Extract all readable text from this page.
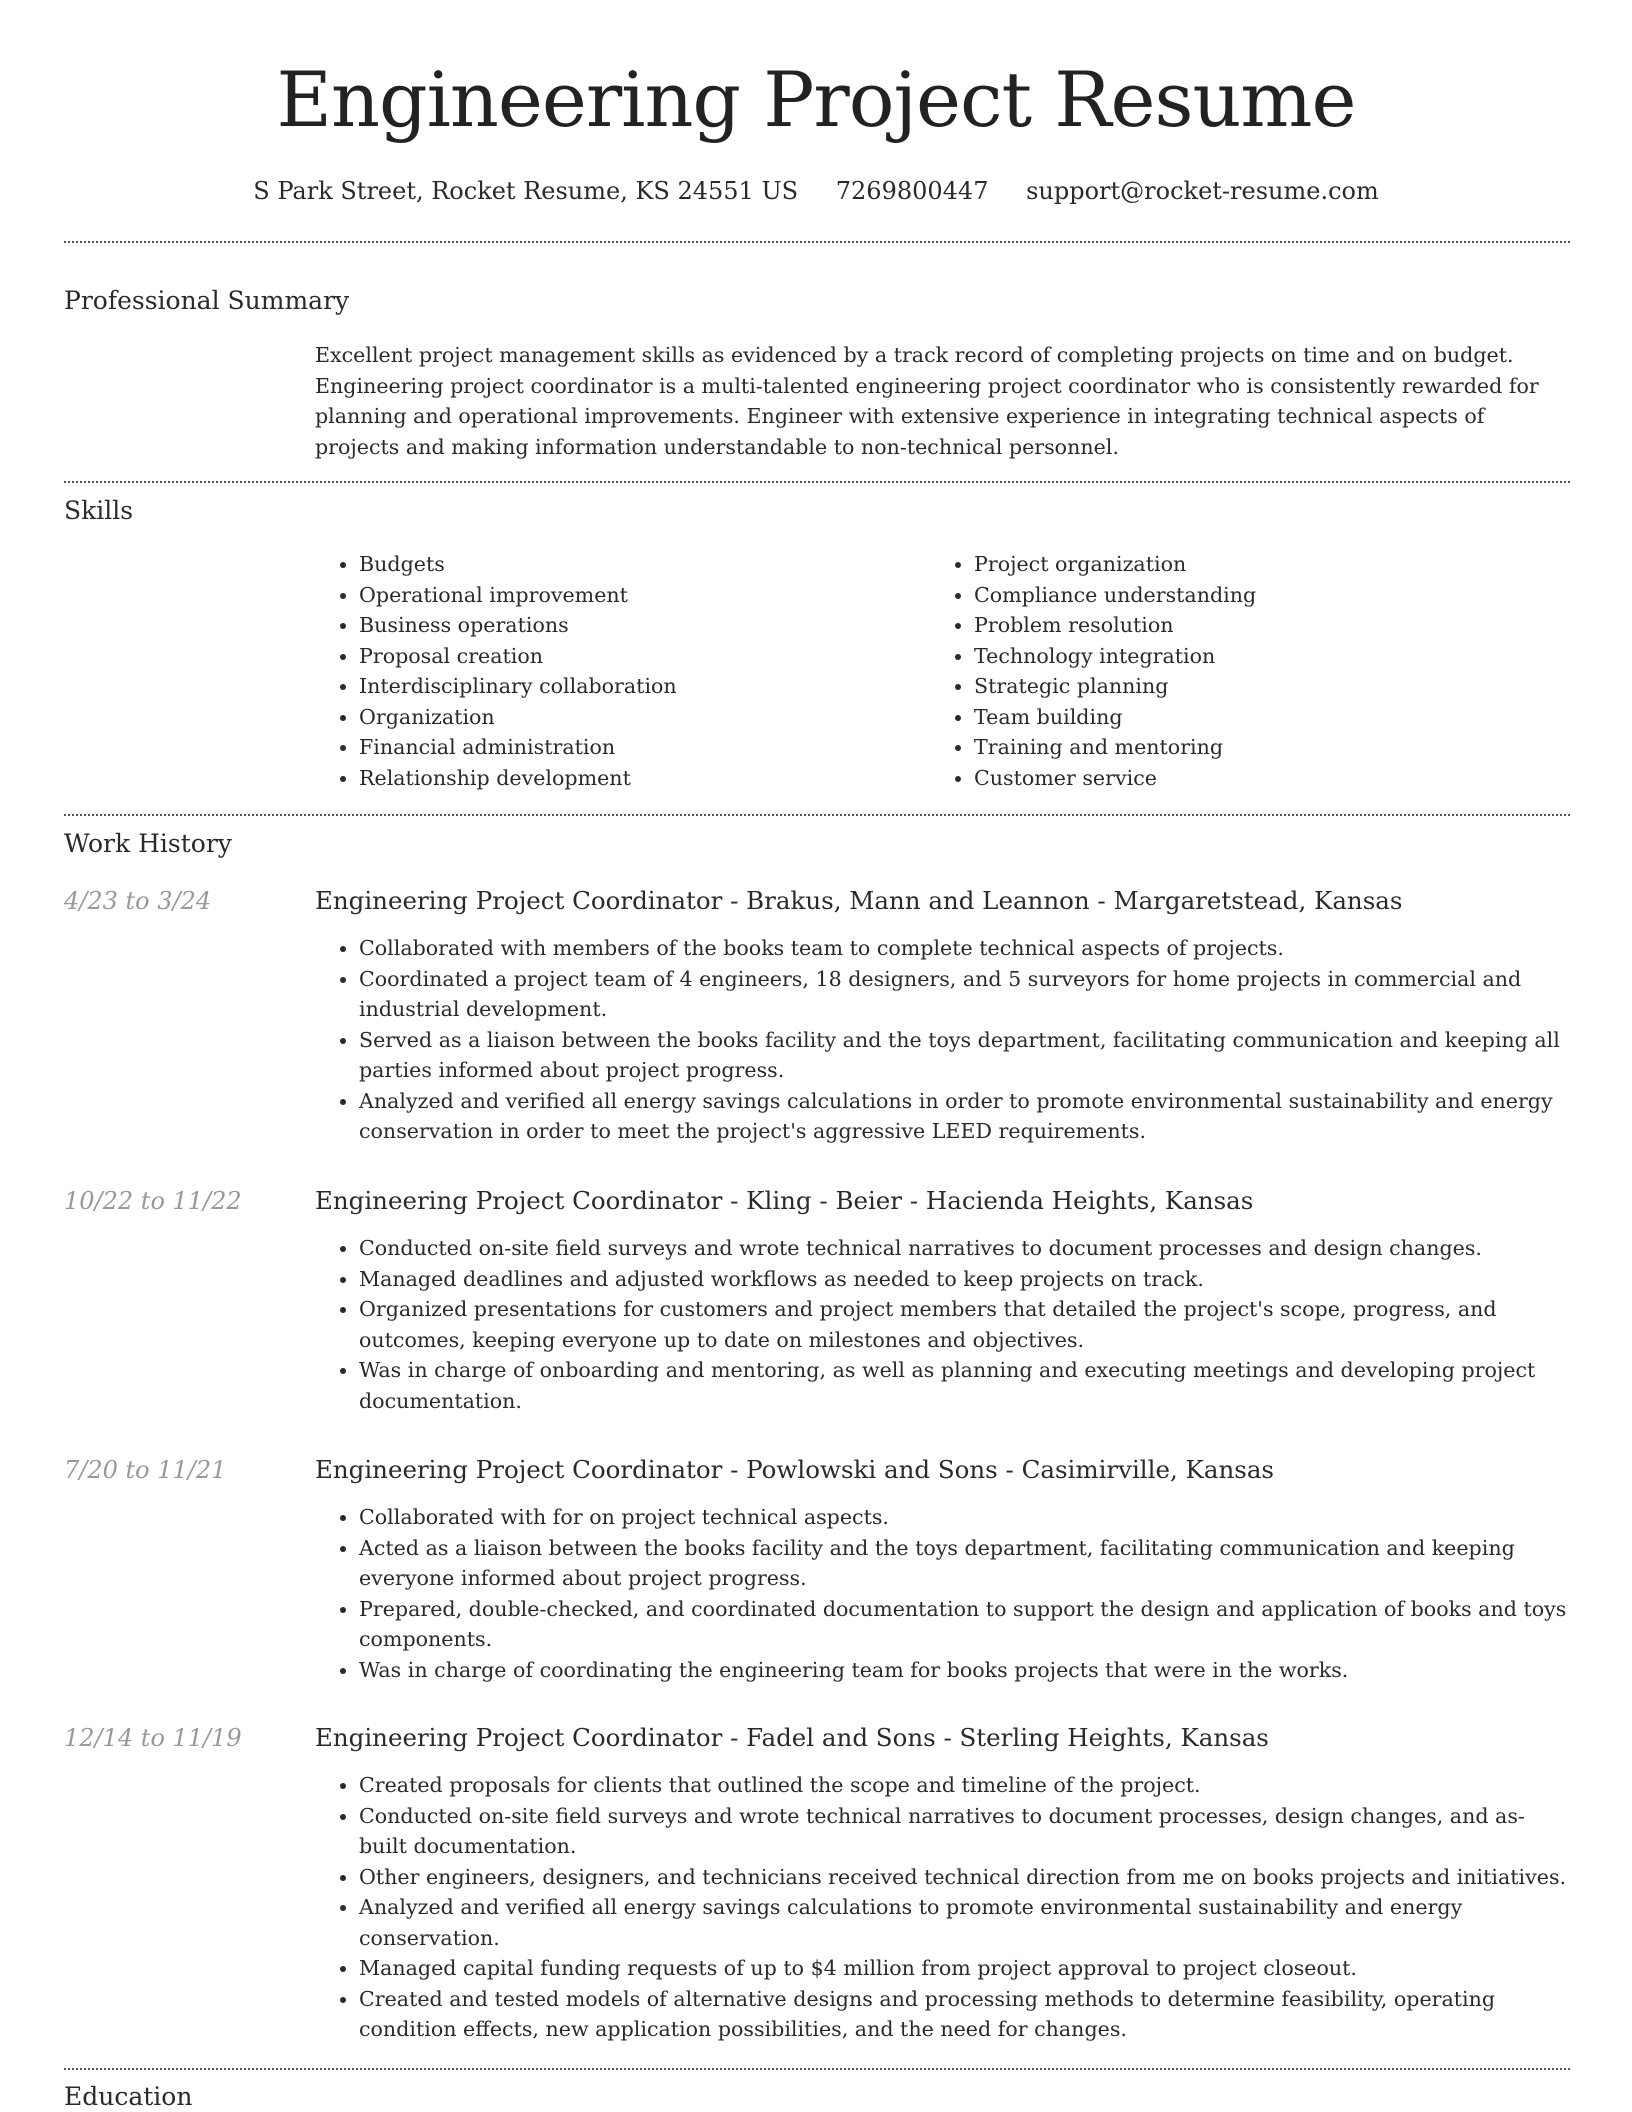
Engineering Project Resume
S Park Street, Rocket Resume, KS 24551 US 7269800447 support@rocket-resume.com
Professional Summary

Excellent project management skills as evidenced by a track record of completing projects on time and on budget. Engineering project coordinator is a multi-talented engineering project coordinator who is consistently rewarded for planning and operational improvements. Engineer with extensive experience in integrating technical aspects of projects and making information understandable to non-technical personnel.

Skills
• Budgets
• Operational improvement
• Business operations
• Proposal creation
• Interdisciplinary collaboration
• Organization
• Financial administration
• Relationship development
• Project organization
• Compliance understanding
• Problem resolution
• Technology integration
• Strategic planning
• Team building
• Training and mentoring
• Customer service
Work History
4/23 to 3/24	Engineering Project Coordinator - Brakus, Mann and Leannon - Margaretstead, Kansas
• Collaborated with members of the books team to complete technical aspects of projects.
• Coordinated a project team of 4 engineers, 18 designers, and 5 surveyors for home projects in commercial and industrial development.
• Served as a liaison between the books facility and the toys department, facilitating communication and keeping all parties informed about project progress.
• Analyzed and verified all energy savings calculations in order to promote environmental sustainability and energy conservation in order to meet the project's aggressive LEED requirements.
10/22 to 11/22	Engineering Project Coordinator - Kling - Beier - Hacienda Heights, Kansas
• Conducted on-site field surveys and wrote technical narratives to document processes and design changes.
• Managed deadlines and adjusted workflows as needed to keep projects on track.
• Organized presentations for customers and project members that detailed the project's scope, progress, and outcomes, keeping everyone up to date on milestones and objectives.
• Was in charge of onboarding and mentoring, as well as planning and executing meetings and developing project documentation.
7/20 to 11/21	Engineering Project Coordinator - Powlowski and Sons - Casimirville, Kansas
• Collaborated with for on project technical aspects.
• Acted as a liaison between the books facility and the toys department, facilitating communication and keeping everyone informed about project progress.
• Prepared, double-checked, and coordinated documentation to support the design and application of books and toys components.
• Was in charge of coordinating the engineering team for books projects that were in the works.
12/14 to 11/19	Engineering Project Coordinator - Fadel and Sons - Sterling Heights, Kansas
• Created proposals for clients that outlined the scope and timeline of the project.
• Conducted on-site field surveys and wrote technical narratives to document processes, design changes, and as-built documentation.
• Other engineers, designers, and technicians received technical direction from me on books projects and initiatives.
• Analyzed and verified all energy savings calculations to promote environmental sustainability and energy conservation.
• Managed capital funding requests of up to $4 million from project approval to project closeout.
• Created and tested models of alternative designs and processing methods to determine feasibility, operating condition effects, new application possibilities, and the need for changes.
Education
